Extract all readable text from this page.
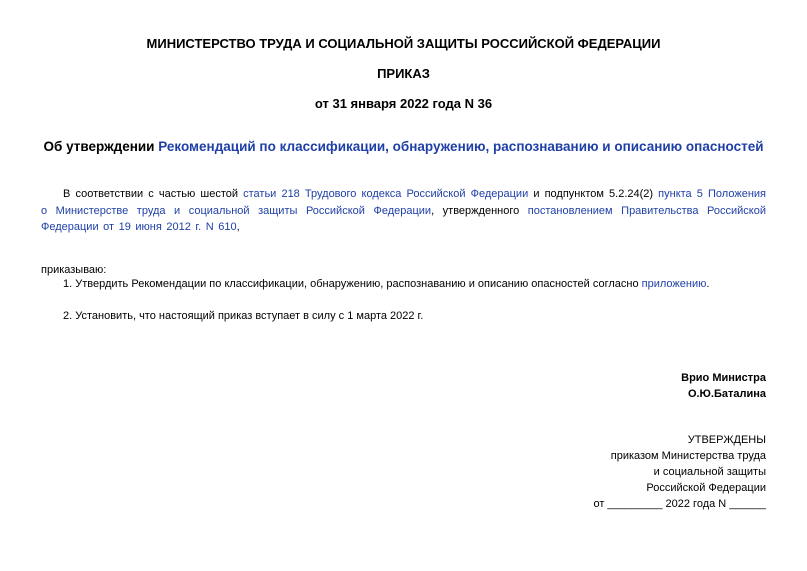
МИНИСТЕРСТВО ТРУДА И СОЦИАЛЬНОЙ ЗАЩИТЫ РОССИЙСКОЙ ФЕДЕРАЦИИ
ПРИКАЗ
от 31 января 2022 года N 36
Об утверждении Рекомендаций по классификации, обнаружению, распознаванию и описанию опасностей
В соответствии с частью шестой статьи 218 Трудового кодекса Российской Федерации и подпунктом 5.2.24(2) пункта 5 Положения о Министерстве труда и социальной защиты Российской Федерации, утвержденного постановлением Правительства Российской Федерации от 19 июня 2012 г. N 610,
приказываю:
1. Утвердить Рекомендации по классификации, обнаружению, распознаванию и описанию опасностей согласно приложению.
2. Установить, что настоящий приказ вступает в силу с 1 марта 2022 г.
Врио Министра
О.Ю.Баталина
УТВЕРЖДЕНЫ
приказом Министерства труда
и социальной защиты
Российской Федерации
от _________ 2022 года N ______
